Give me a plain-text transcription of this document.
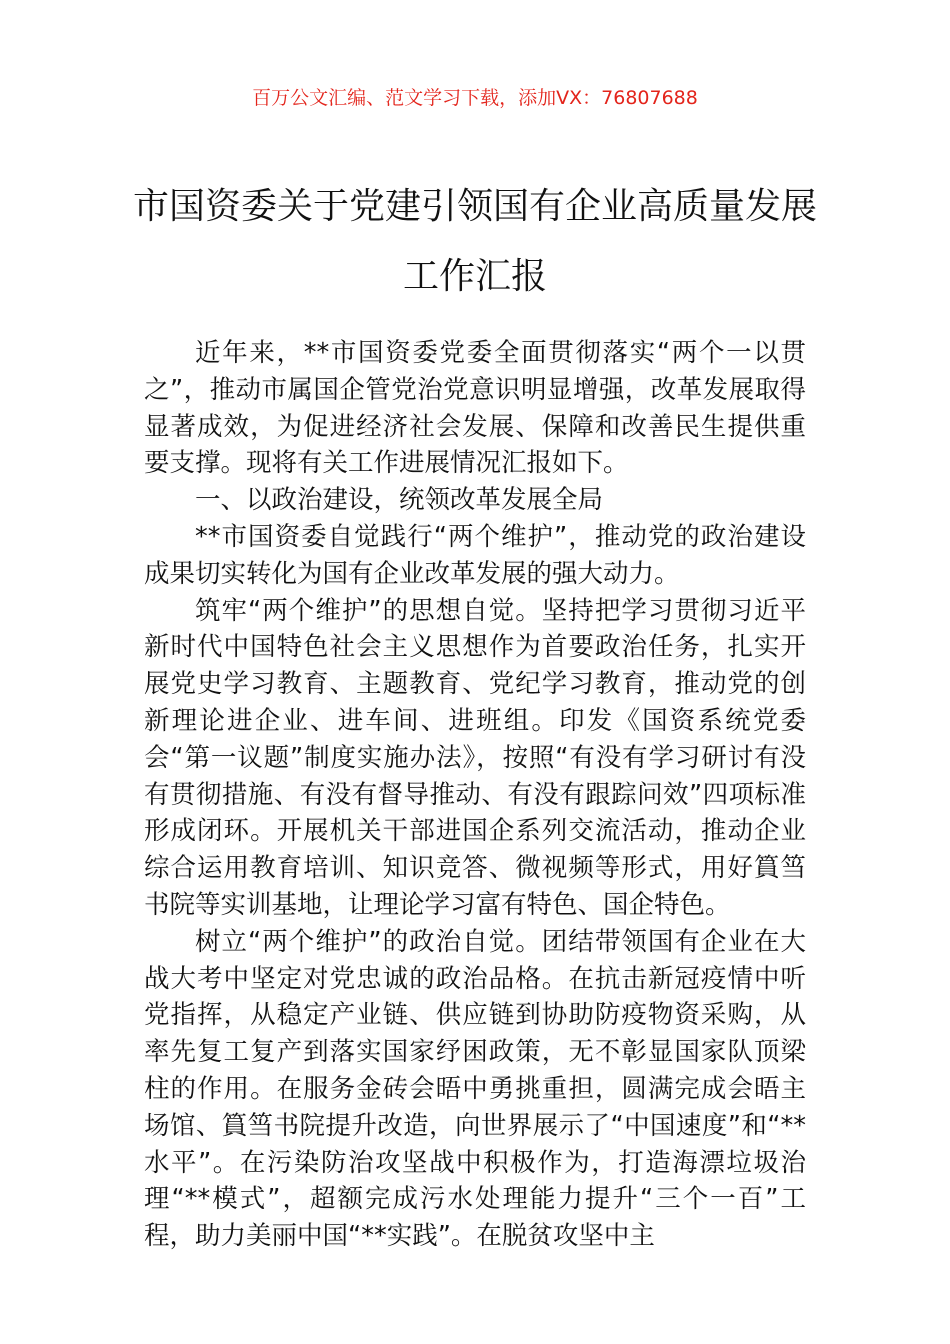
百万公文汇编、范文学习下载，添加VX：76807688
市国资委关于党建引领国有企业高质量发展工作汇报

近年来，**市国资委党委全面贯彻落实“两个一以贯之”，推动市属国企管党治党意识明显增强，改革发展取得显著成效，为促进经济社会发展、保障和改善民生提供重要支撑。现将有关工作进展情况汇报如下。

一、以政治建设，统领改革发展全局

**市国资委自觉践行“两个维护”，推动党的政治建设成果切实转化为国有企业改革发展的强大动力。

筑牢“两个维护”的思想自觉。坚持把学习贯彻习近平新时代中国特色社会主义思想作为首要政治任务，扎实开展党史学习教育、主题教育、党纪学习教育，推动党的创新理论进企业、进车间、进班组。印发《国资系统党委会“第一议题”制度实施办法》，按照“有没有学习研讨有没有贯彻措施、有没有督导推动、有没有跟踪问效”四项标准形成闭环。开展机关干部进国企系列交流活动，推动企业综合运用教育培训、知识竞答、微视频等形式，用好篔筜书院等实训基地，让理论学习富有特色、国企特色。

树立“两个维护”的政治自觉。团结带领国有企业在大战大考中坚定对党忠诚的政治品格。在抗击新冠疫情中听党指挥，从稳定产业链、供应链到协助防疫物资采购，从率先复工复产到落实国家纾困政策，无不彰显国家队顶梁柱的作用。在服务金砖会晤中勇挑重担，圆满完成会晤主场馆、篔筜书院提升改造，向世界展示了“中国速度”和“**水平”。在污染防治攻坚战中积极作为，打造海漂垃圾治理“**模式”，超额完成污水处理能力提升“三个一百”工程，助力美丽中国“**实践”。在脱贫攻坚中主
